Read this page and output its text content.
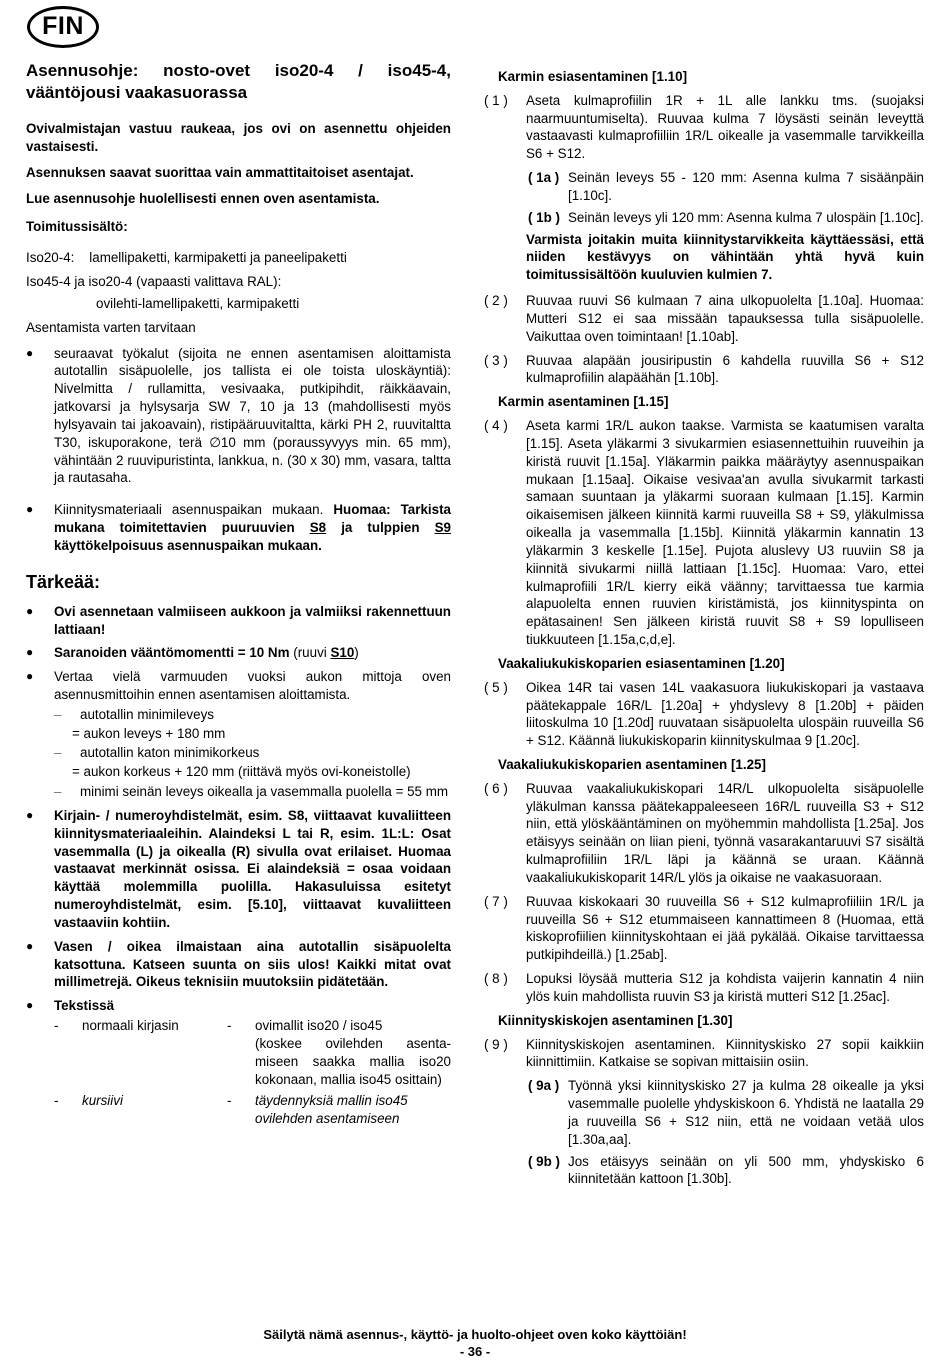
FIN
Asennusohje: nosto-ovet iso20-4 / iso45-4, vääntöjousi vaakasuorassa

Ovivalmistajan vastuu raukeaa, jos ovi on asennettu ohjeiden vastaisesti.

Asennuksen saavat suorittaa vain ammattitaitoiset asentajat.

Lue asennusohje huolellisesti ennen oven asentamista.

Toimitussisältö:

Iso20-4:    lamellipaketti, karmipaketti ja paneelipaketti

Iso45-4 ja iso20-4 (vapaasti valittava RAL):

ovilehti-lamellipaketti, karmipaketti

Asentamista varten tarvitaan

●	seuraavat työkalut (sijoita ne ennen asentamisen aloittamista autotallin sisäpuolelle, jos tallista ei ole toista uloskäyntiä): Nivelmitta / rullamitta, vesivaaka, putkipihdit, räikkäavain, jatkovarsi ja hylsysarja SW 7, 10 ja 13 (mahdollisesti myös hylsyavain tai jakoavain), ristipääruuvitaltta, kärki PH 2, ruuvitaltta T30, iskuporakone, terä ∅10 mm (poraussyvyys min. 65 mm), vähintään 2 ruuvipuristinta, lankkua, n. (30 x 30) mm, vasara, taltta ja rautasaha.
●	Kiinnitysmateriaali asennuspaikan mukaan. Huomaa: Tarkista mukana toimitettavien puuruuvien S8 ja tulppien S9 käyttökelpoisuus asennuspaikan mukaan.
Tärkeää:
●	Ovi asennetaan valmiiseen aukkoon ja valmiiksi rakennettuun lattiaan!
●	Saranoiden vääntömomentti = 10 Nm (ruuvi S10)
●	Vertaa vielä varmuuden vuoksi aukon mittoja oven asennusmittoihin ennen asentamisen aloittamista.
–	autotallin minimileveys
= aukon leveys + 180 mm
–	autotallin katon minimikorkeus
= aukon korkeus + 120 mm (riittävä myös ovi-koneistolle)
–	minimi seinän leveys oikealla ja vasemmalla puolella = 55 mm
●	Kirjain- / numeroyhdistelmät, esim. S8, viittaavat kuvaliitteen kiinnitysmateriaaleihin. Alaindeksi L tai R, esim. 1L:L: Osat vasemmalla (L) ja oikealla (R) sivulla ovat erilaiset. Huomaa vastaavat merkinnät osissa. Ei alaindeksiä = osaa voidaan käyttää molemmilla puolilla. Hakasuluissa esitetyt numeroyhdistelmät, esim. [5.10], viittaavat kuvaliitteen vastaaviin kohtiin.
●	Vasen / oikea ilmaistaan aina autotallin sisäpuolelta katsottuna. Katseen suunta on siis ulos! Kaikki mitat ovat millimetrejä. Oikeus teknisiin muutoksiin pidätetään.
●	Tekstissä
-	normaali kirjasin	-	ovimallit iso20 / iso45
(koskee ovilehden asenta-miseen saakka mallia iso20 kokonaan, mallia iso45 osittain)
-	kursiivi	-	täydennyksiä mallin iso45 ovilehden asentamiseen
Karmin esiasentaminen [1.10]
( 1 )	Aseta kulmaprofiilin 1R + 1L alle lankku tms. (suojaksi naarmuuntumiselta). Ruuvaa kulma 7 löysästi seinän leveyttä vastaavasti kulmaprofiiliin 1R/L oikealle ja vasemmalle tarvikkeilla S6 + S12.
( 1a ) Seinän leveys 55 - 120 mm: Asenna kulma 7 sisäänpäin [1.10c].
( 1b ) Seinän leveys yli 120 mm: Asenna kulma 7 ulospäin [1.10c].

Varmista joitakin muita kiinnitystarvikkeita käyttäessäsi, että niiden kestävyys on vähintään yhtä hyvä kuin toimitussisältöön kuuluvien kulmien 7.

( 2 )	Ruuvaa ruuvi S6 kulmaan 7 aina ulkopuolelta [1.10a]. Huomaa: Mutteri S12 ei saa missään tapauksessa tulla sisäpuolelle. Vaikuttaa oven toimintaan! [1.10ab].
( 3 )	Ruuvaa alapään jousiripustin 6 kahdella ruuvilla S6 + S12 kulmaprofiilin alapäähän [1.10b].
Karmin asentaminen [1.15]
( 4 )	Aseta karmi 1R/L aukon taakse. Varmista se kaatumisen varalta [1.15]. Aseta yläkarmi 3 sivukarmien esiasennettuihin ruuveihin ja kiristä ruuvit [1.15a]. Yläkarmin paikka määräytyy asennuspaikan mukaan [1.15aa]. Oikaise vesivaa'an avulla sivukarmit tarkasti samaan suuntaan ja yläkarmi suoraan kulmaan [1.15]. Karmin oikaisemisen jälkeen kiinnitä karmi ruuveilla S8 + S9, yläkulmissa oikealla ja vasemmalla [1.15b]. Kiinnitä yläkarmin kannatin 13 yläkarmin 3 keskelle [1.15e]. Pujota aluslevy U3 ruuviin S8 ja kiinnitä sivukarmi niillä lattiaan [1.15c]. Huomaa: Varo, ettei kulmaprofiili 1R/L kierry eikä väänny; tarvittaessa tue karmia alapuolelta ennen ruuvien kiristämistä, jos kiinnityspinta on epätasainen! Sen jälkeen kiristä ruuvit S8 + S9 lopulliseen tiukkuuteen [1.15a,c,d,e].
Vaakaliukukiskoparien esiasentaminen [1.20]
( 5 )	Oikea 14R tai vasen 14L vaakasuora liukukiskopari ja vastaava päätekappale 16R/L [1.20a] + yhdyslevy 8 [1.20b] + päiden liitoskulma 10 [1.20d] ruuvataan sisäpuolelta ulospäin ruuveilla S6 + S12. Käännä liukukiskoparin kiinnityskulmaa 9 [1.20c].
Vaakaliukukiskoparien asentaminen [1.25]
( 6 )	Ruuvaa vaakaliukukiskopari 14R/L ulkopuolelta sisäpuolelle yläkulman kanssa päätekappaleeseen 16R/L ruuveilla S3 + S12 niin, että ylöskääntäminen on myöhemmin mahdollista [1.25a]. Jos etäisyys seinään on liian pieni, työnnä vasarakantaruuvi S7 sisältä kulmaprofiiliin 1R/L läpi ja käännä se uraan. Käännä vaakaliukukiskoparit 14R/L ylös ja oikaise ne vaakasuoraan.
( 7 )	Ruuvaa kiskokaari 30 ruuveilla S6 + S12 kulmaprofiiliin 1R/L ja ruuveilla S6 + S12 etummaiseen kannattimeen 8 (Huomaa, että kiskoprofiilien kiinnityskohtaan ei jää pykälää. Oikaise tarvittaessa putkipihdeillä.) [1.25ab].
( 8 )	Lopuksi löysää mutteria S12 ja kohdista vaijerin kannatin 4 niin ylös kuin mahdollista ruuvin S3 ja kiristä mutteri S12 [1.25ac].
Kiinnityskiskojen asentaminen [1.30]
( 9 )	Kiinnityskiskojen asentaminen. Kiinnityskisko 27 sopii kaikkiin kiinnittimiin. Katkaise se sopivan mittaisiin osiin.
( 9a ) Työnnä yksi kiinnityskisko 27 ja kulma 28 oikealle ja yksi vasemmalle puolelle yhdyskiskoon 6. Yhdistä ne laatalla 29 ja ruuveilla S6 + S12 niin, että ne voidaan vetää ulos [1.30a,aa].
( 9b ) Jos etäisyys seinään on yli 500 mm, yhdyskisko 6 kiinnitetään kattoon [1.30b].
Säilytä nämä asennus-, käyttö- ja huolto-ohjeet oven koko käyttöiän!
- 36 -
